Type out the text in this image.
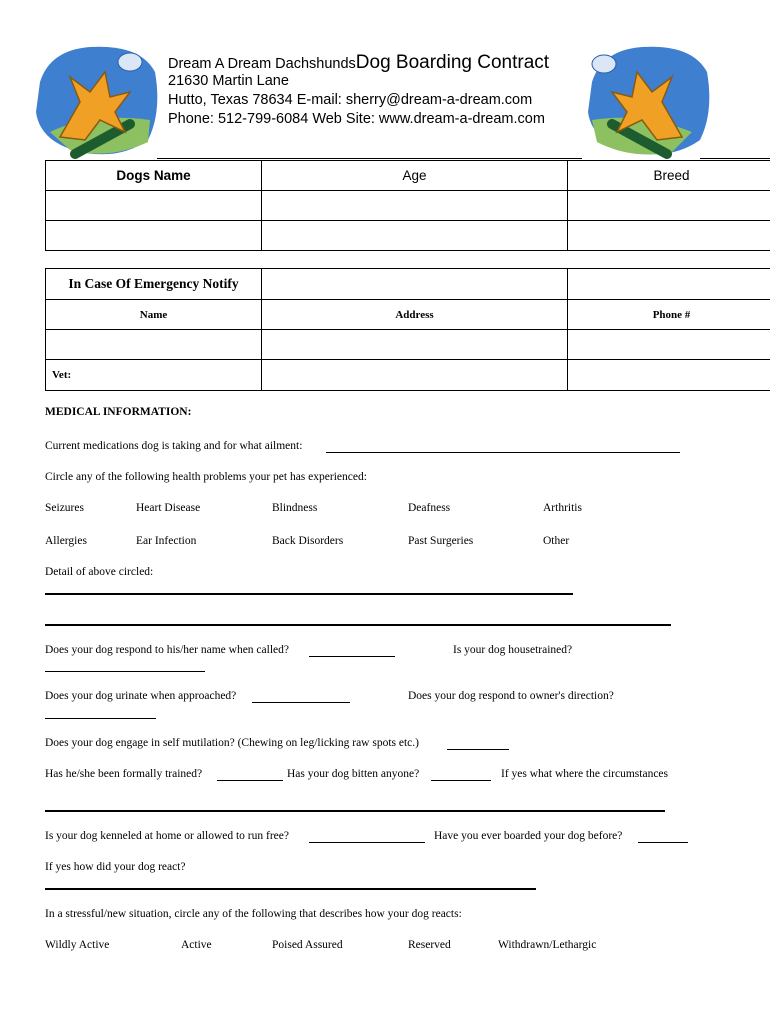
Dream A Dream DachshundsDog Boarding Contract
21630 Martin Lane
Hutto, Texas 78634 E-mail: sherry@dream-a-dream.com
Phone: 512-799-6084 Web Site: www.dream-a-dream.com
Dogs Name	Age	Breed

In Case Of Emergency Notify		
Name	Address	Phone #

Vet:		
MEDICAL INFORMATION:
Current medications dog is taking and for what ailment:
Circle any of the following health problems your pet has experienced:
Seizures	Heart Disease	Blindness	Deafness	Arthritis
Allergies	Ear Infection	Back Disorders	Past Surgeries	Other
Detail of above circled:
Does your dog respond to his/her name when called?	Is your dog housetrained?
Does your dog urinate when approached?	Does your dog respond to owner's direction?
Does your dog engage in self mutilation? (Chewing on leg/licking raw spots etc.)
Has he/she been formally trained?	Has your dog bitten anyone?	If yes what where the circumstances
Is your dog kenneled at home or allowed to run free?	Have you ever boarded your dog before?
If yes how did your dog react?
In a stressful/new situation, circle any of the following that describes how your dog reacts:
Wildly Active	Active	Poised Assured	Reserved	Withdrawn/Lethargic
